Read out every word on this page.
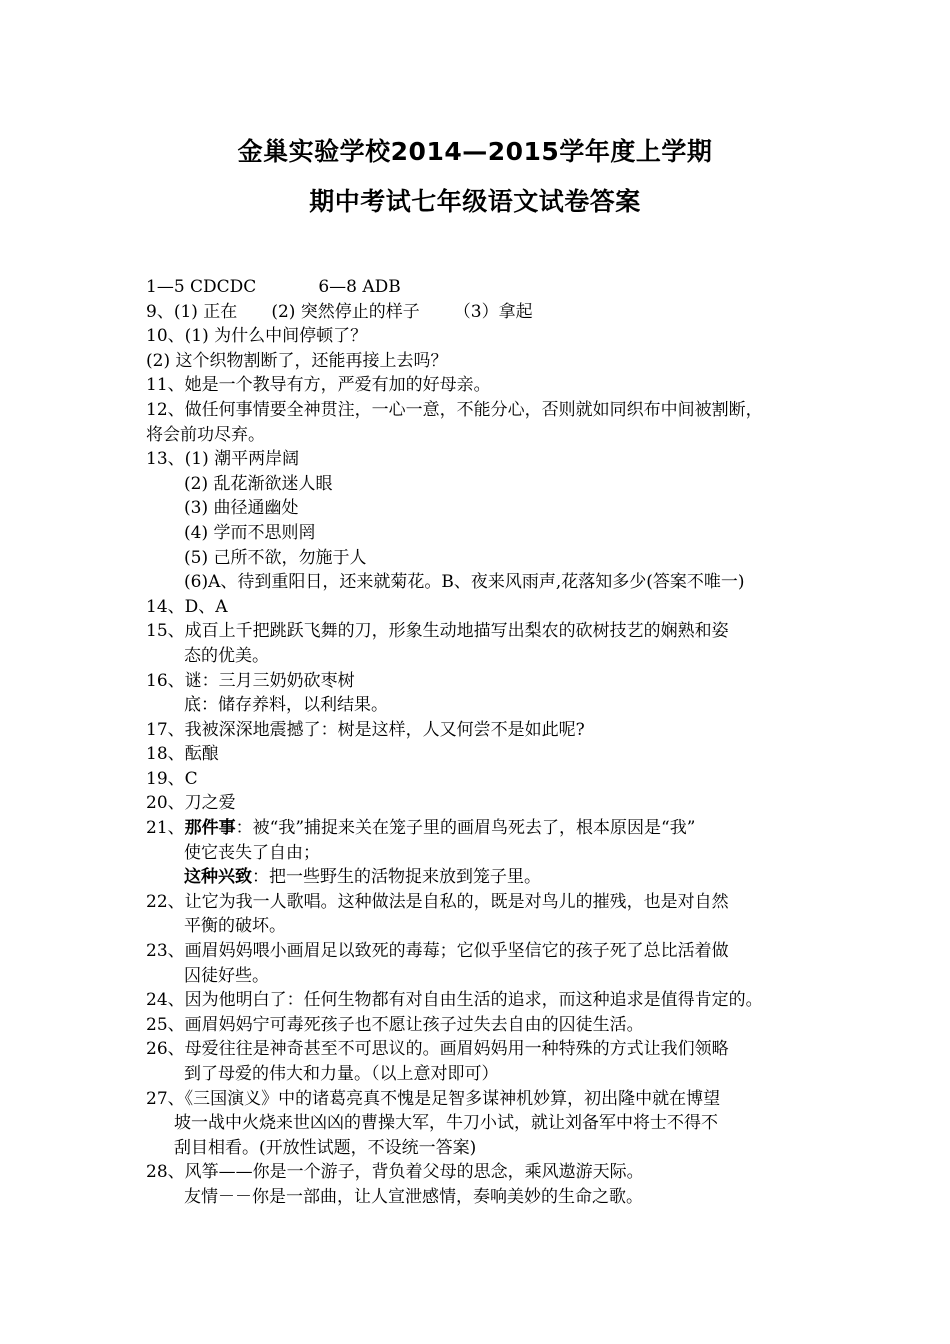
金巢实验学校2014—2015学年度上学期
期中考试七年级语文试卷答案
1—5 CDCDC	6—8 ADB
9、(1) 正在 (2) 突然停止的样子 （3）拿起
10、(1) 为什么中间停顿了？
(2) 这个织物割断了，还能再接上去吗？
11、她是一个教导有方，严爱有加的好母亲。
12、做任何事情要全神贯注，一心一意，不能分心，否则就如同织布中间被割断，
将会前功尽弃。
13、(1) 潮平两岸阔
(2) 乱花渐欲迷人眼
(3) 曲径通幽处
(4) 学而不思则罔
(5) 己所不欲，勿施于人
(6)A、待到重阳日，还来就菊花。B、夜来风雨声,花落知多少(答案不唯一)
14、D、A
15、成百上千把跳跃飞舞的刀，形象生动地描写出梨农的砍树技艺的娴熟和姿
态的优美。
16、谜：三月三奶奶砍枣树
底：储存养料，以利结果。
17、我被深深地震撼了：树是这样，人又何尝不是如此呢?
18、酝酿
19、C
20、刀之爱
21、那件事：被“我”捕捉来关在笼子里的画眉鸟死去了，根本原因是“我”
使它丧失了自由；
这种兴致：把一些野生的活物捉来放到笼子里。
22、让它为我一人歌唱。这种做法是自私的，既是对鸟儿的摧残，也是对自然
平衡的破坏。
23、画眉妈妈喂小画眉足以致死的毒莓；它似乎坚信它的孩子死了总比活着做
囚徒好些。
24、因为他明白了：任何生物都有对自由生活的追求，而这种追求是值得肯定的。
25、画眉妈妈宁可毒死孩子也不愿让孩子过失去自由的囚徒生活。
26、母爱往往是神奇甚至不可思议的。画眉妈妈用一种特殊的方式让我们领略
到了母爱的伟大和力量。（以上意对即可）
27、《三国演义》中的诸葛亮真不愧是足智多谋神机妙算，初出隆中就在博望
坡一战中火烧来世凶凶的曹操大军，牛刀小试，就让刘备军中将士不得不
刮目相看。(开放性试题，不设统一答案)
28、风筝——你是一个游子，背负着父母的思念，乘风遨游天际。
友情－－你是一部曲，让人宣泄感情，奏响美妙的生命之歌。
